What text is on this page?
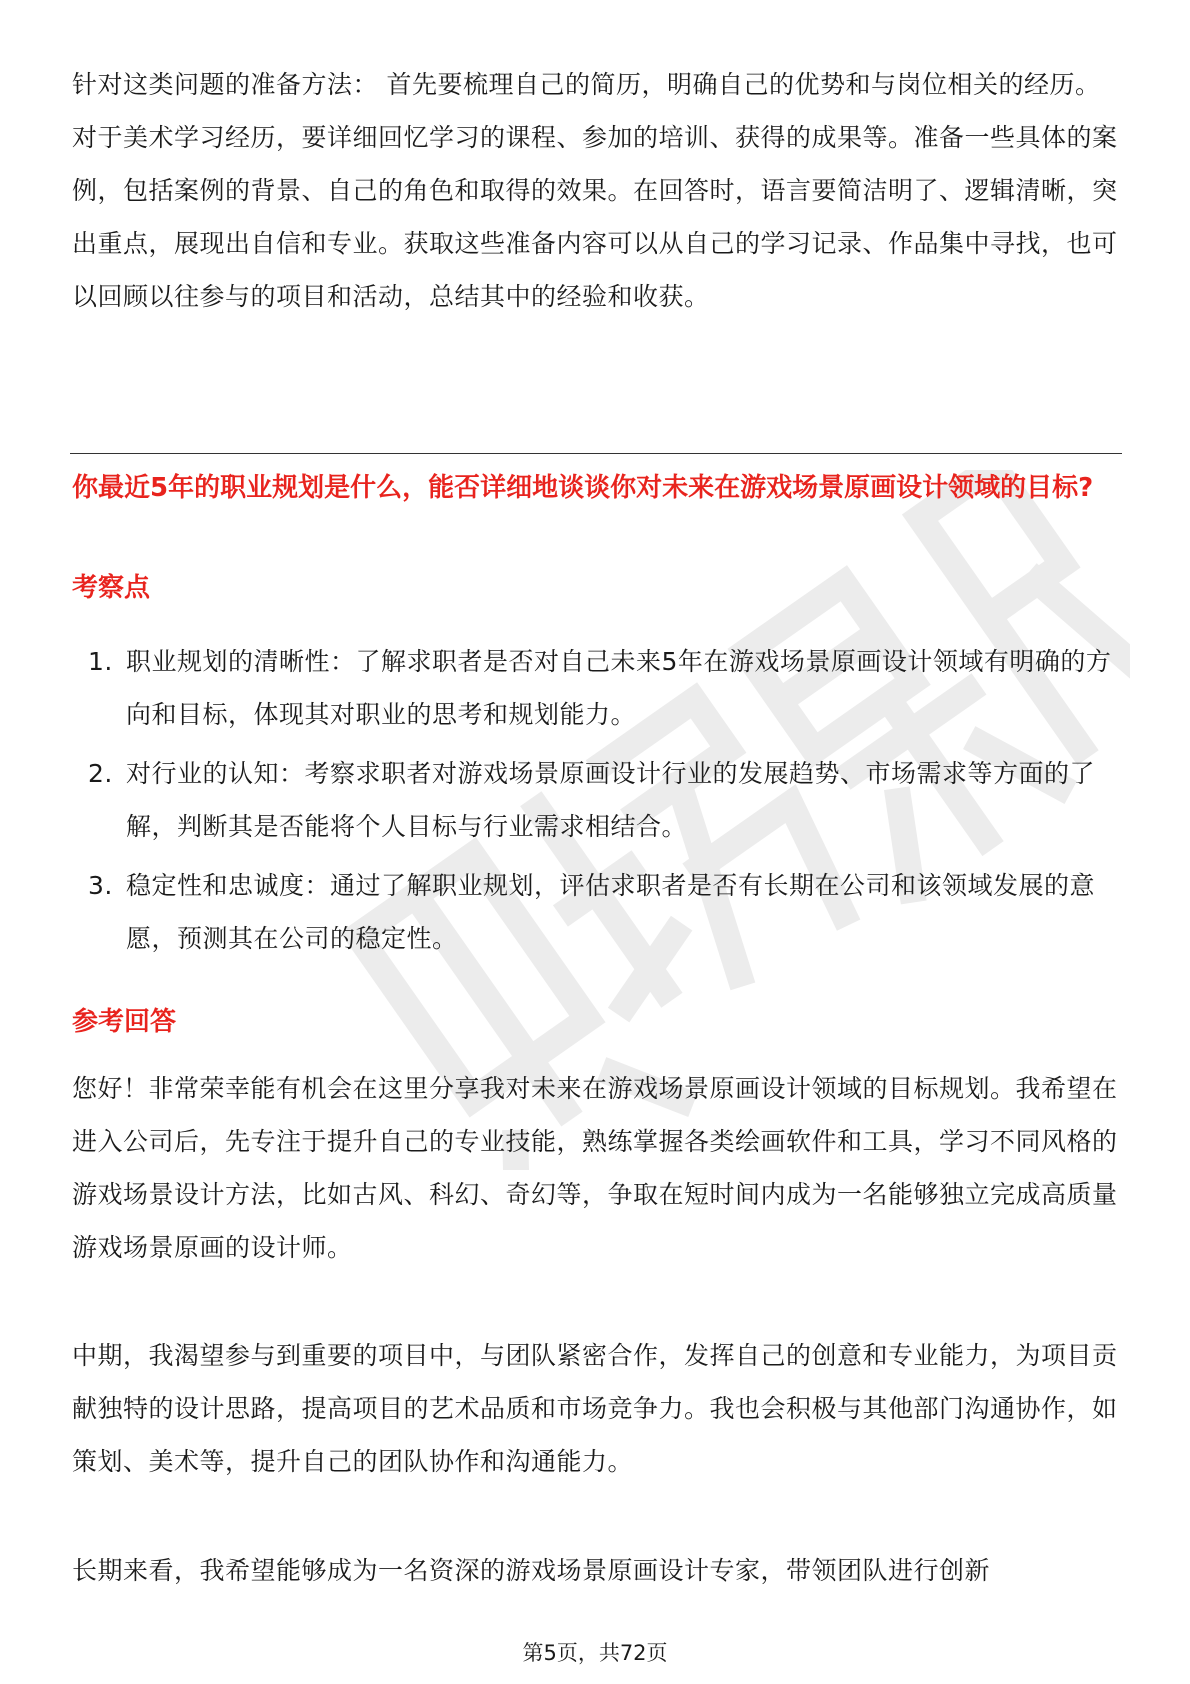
针对这类问题的准备方法： 首先要梳理自己的简历，明确自己的优势和与岗位相关的经历。对于美术学习经历，要详细回忆学习的课程、参加的培训、获得的成果等。准备一些具体的案例，包括案例的背景、自己的角色和取得的效果。在回答时，语言要简洁明了、逻辑清晰，突出重点，展现出自信和专业。获取这些准备内容可以从自己的学习记录、作品集中寻找，也可以回顾以往参与的项目和活动，总结其中的经验和收获。

你最近5年的职业规划是什么，能否详细地谈谈你对未来在游戏场景原画设计领域的目标?

考察点

1. 职业规划的清晰性：了解求职者是否对自己未来5年在游戏场景原画设计领域有明确的方向和目标，体现其对职业的思考和规划能力。
2. 对行业的认知：考察求职者对游戏场景原画设计行业的发展趋势、市场需求等方面的了解，判断其是否能将个人目标与行业需求相结合。
3. 稳定性和忠诚度：通过了解职业规划，评估求职者是否有长期在公司和该领域发展的意愿，预测其在公司的稳定性。

参考回答

您好！非常荣幸能有机会在这里分享我对未来在游戏场景原画设计领域的目标规划。我希望在进入公司后，先专注于提升自己的专业技能，熟练掌握各类绘画软件和工具，学习不同风格的游戏场景设计方法，比如古风、科幻、奇幻等，争取在短时间内成为一名能够独立完成高质量游戏场景原画的设计师。

中期，我渴望参与到重要的项目中，与团队紧密合作，发挥自己的创意和专业能力，为项目贡献独特的设计思路，提高项目的艺术品质和市场竞争力。我也会积极与其他部门沟通协作，如策划、美术等，提升自己的团队协作和沟通能力。

长期来看，我希望能够成为一名资深的游戏场景原画设计专家，带领团队进行创新

第5页，共72页
